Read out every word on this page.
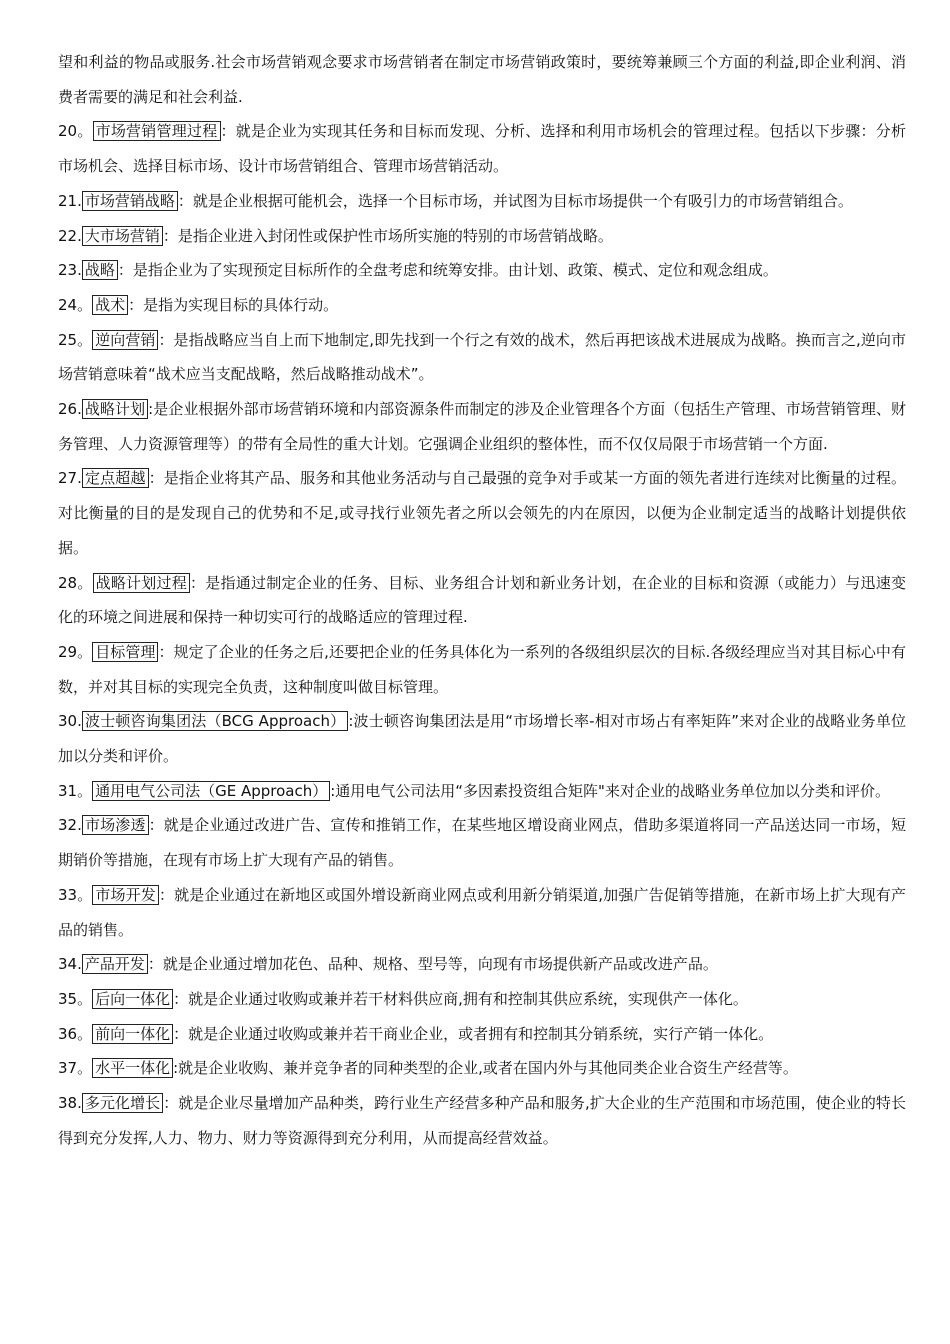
望和利益的物品或服务.社会市场营销观念要求市场营销者在制定市场营销政策时，要统筹兼顾三个方面的利益,即企业利润、消费者需要的满足和社会利益.

20。 市场营销管理过程 ：就是企业为实现其任务和目标而发现、分析、选择和利用市场机会的管理过程。包括以下步骤：分析市场机会、选择目标市场、设计市场营销组合、管理市场营销活动。

21. 市场营销战略 ：就是企业根据可能机会，选择一个目标市场，并试图为目标市场提供一个有吸引力的市场营销组合。

22. 大市场营销 ：是指企业进入封闭性或保护性市场所实施的特别的市场营销战略。

23. 战略 ：是指企业为了实现预定目标所作的全盘考虑和统筹安排。由计划、政策、模式、定位和观念组成。

24。 战术 ：是指为实现目标的具体行动。

25。 逆向营销 ：是指战略应当自上而下地制定,即先找到一个行之有效的战术，然后再把该战术进展成为战略。换而言之,逆向市场营销意味着“战术应当支配战略，然后战略推动战术”。

26. 战略计划 :是企业根据外部市场营销环境和内部资源条件而制定的涉及企业管理各个方面（包括生产管理、市场营销管理、财务管理、人力资源管理等）的带有全局性的重大计划。它强调企业组织的整体性，而不仅仅局限于市场营销一个方面.

27. 定点超越 ：是指企业将其产品、服务和其他业务活动与自己最强的竞争对手或某一方面的领先者进行连续对比衡量的过程。对比衡量的目的是发现自己的优势和不足,或寻找行业领先者之所以会领先的内在原因，以便为企业制定适当的战略计划提供依据。

28。 战略计划过程 ：是指通过制定企业的任务、目标、业务组合计划和新业务计划，在企业的目标和资源（或能力）与迅速变化的环境之间进展和保持一种切实可行的战略适应的管理过程.

29。 目标管理 ：规定了企业的任务之后,还要把企业的任务具体化为一系列的各级组织层次的目标.各级经理应当对其目标心中有数，并对其目标的实现完全负责，这种制度叫做目标管理。

30. 波士顿咨询集团法（BCG Approach） :波士顿咨询集团法是用“市场增长率-相对市场占有率矩阵”来对企业的战略业务单位加以分类和评价。

31。 通用电气公司法（GE Approach） :通用电气公司法用“多因素投资组合矩阵"来对企业的战略业务单位加以分类和评价。

32. 市场渗透 ：就是企业通过改进广告、宣传和推销工作，在某些地区增设商业网点，借助多渠道将同一产品送达同一市场，短期销价等措施，在现有市场上扩大现有产品的销售。

33。 市场开发 ：就是企业通过在新地区或国外增设新商业网点或利用新分销渠道,加强广告促销等措施，在新市场上扩大现有产品的销售。

34. 产品开发 ：就是企业通过增加花色、品种、规格、型号等，向现有市场提供新产品或改进产品。

35。 后向一体化 ：就是企业通过收购或兼并若干材料供应商,拥有和控制其供应系统，实现供产一体化。

36。 前向一体化 ：就是企业通过收购或兼并若干商业企业，或者拥有和控制其分销系统，实行产销一体化。

37。 水平一体化 :就是企业收购、兼并竞争者的同种类型的企业,或者在国内外与其他同类企业合资生产经营等。

38. 多元化增长 ：就是企业尽量增加产品种类，跨行业生产经营多种产品和服务,扩大企业的生产范围和市场范围，使企业的特长得到充分发挥,人力、物力、财力等资源得到充分利用，从而提高经营效益。
